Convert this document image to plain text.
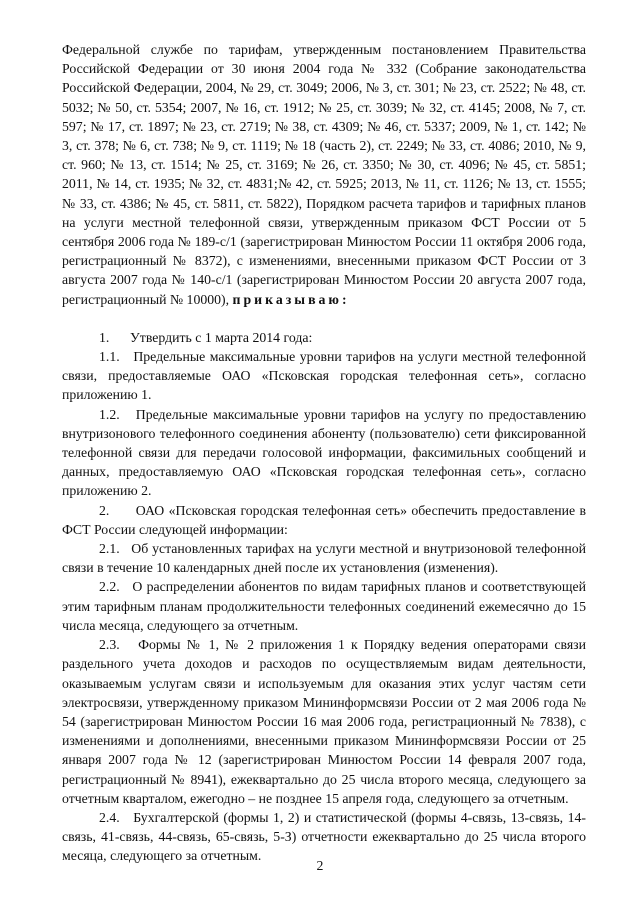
Федеральной службе по тарифам, утвержденным постановлением Правительства Российской Федерации от 30 июня 2004 года № 332 (Собрание законодательства Российской Федерации, 2004, № 29, ст. 3049; 2006, № 3, ст. 301; № 23, ст. 2522; № 48, ст. 5032; № 50, ст. 5354; 2007, № 16, ст. 1912; № 25, ст. 3039; № 32, ст. 4145; 2008, № 7, ст. 597; № 17, ст. 1897; № 23, ст. 2719; № 38, ст. 4309; № 46, ст. 5337; 2009, № 1, ст. 142; № 3, ст. 378; № 6, ст. 738; № 9, ст. 1119; № 18 (часть 2), ст. 2249; № 33, ст. 4086; 2010, № 9, ст. 960; № 13, ст. 1514; № 25, ст. 3169; № 26, ст. 3350; № 30, ст. 4096; № 45, ст. 5851; 2011, № 14, ст. 1935; № 32, ст. 4831;№ 42, ст. 5925; 2013, № 11, ст. 1126; № 13, ст. 1555; № 33, ст. 4386; № 45, ст. 5811, ст. 5822), Порядком расчета тарифов и тарифных планов на услуги местной телефонной связи, утвержденным приказом ФСТ России от 5 сентября 2006 года № 189-с/1 (зарегистрирован Минюстом России 11 октября 2006 года, регистрационный № 8372), с изменениями, внесенными приказом ФСТ России от 3 августа 2007 года № 140-с/1 (зарегистрирован Минюстом России 20 августа 2007 года, регистрационный № 10000), приказываю:

1.      Утвердить с 1 марта 2014 года:

1.1.   Предельные максимальные уровни тарифов на услуги местной телефонной связи, предоставляемые ОАО «Псковская городская телефонная сеть», согласно приложению 1.

1.2.   Предельные максимальные уровни тарифов на услугу по предоставлению внутризонового телефонного соединения абоненту (пользователю) сети фиксированной телефонной связи для передачи голосовой информации, факсимильных сообщений и данных, предоставляемую ОАО «Псковская городская телефонная сеть», согласно приложению 2.

2.      ОАО «Псковская городская телефонная сеть» обеспечить предоставление в ФСТ России следующей информации:

2.1.   Об установленных тарифах на услуги местной и внутризоновой телефонной связи в течение 10 календарных дней после их установления (изменения).

2.2.   О распределении абонентов по видам тарифных планов и соответствующей этим тарифным планам продолжительности телефонных соединений ежемесячно до 15 числа месяца, следующего за отчетным.

2.3.   Формы № 1, № 2 приложения 1 к Порядку ведения операторами связи раздельного учета доходов и расходов по осуществляемым видам деятельности, оказываемым услугам связи и используемым для оказания этих услуг частям сети электросвязи, утвержденному приказом Мининформсвязи России от 2 мая 2006 года № 54 (зарегистрирован Минюстом России 16 мая 2006 года, регистрационный № 7838), с изменениями и дополнениями, внесенными приказом Мининформсвязи России от 25 января 2007 года № 12 (зарегистрирован Минюстом России 14 февраля 2007 года, регистрационный № 8941), ежеквартально до 25 числа второго месяца, следующего за отчетным кварталом, ежегодно – не позднее 15 апреля года, следующего за отчетным.

2.4.   Бухгалтерской (формы 1, 2) и статистической (формы 4-связь, 13-связь, 14-связь, 41-связь, 44-связь, 65-связь, 5-З) отчетности ежеквартально до 25 числа второго месяца, следующего за отчетным.

2
